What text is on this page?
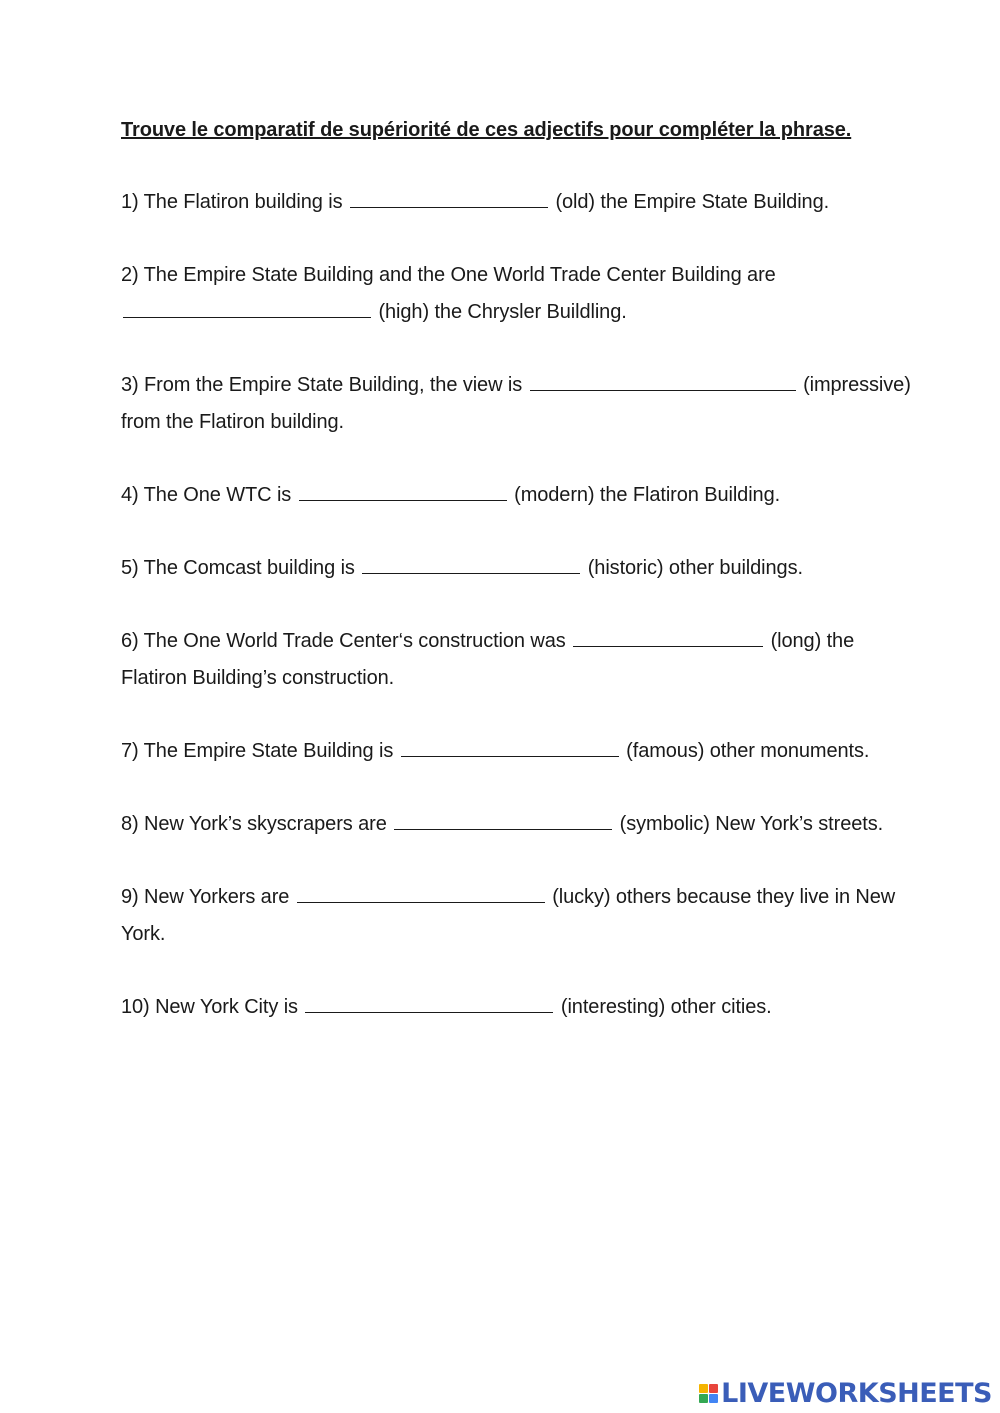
Trouve le comparatif de supériorité de ces adjectifs pour compléter la phrase.

1) The Flatiron building is	(old) the Empire State Building.

2) The Empire State Building and the One World Trade Center Building are  (high) the Chrysler Buildling.

3) From the Empire State Building, the view is	(impressive) from the Flatiron building.

4) The One WTC is	(modern) the Flatiron Building.

5) The Comcast building is	(historic) other buildings.

6) The One World Trade Center‘s construction was	(long) the Flatiron Building’s construction.

7) The Empire State Building is	(famous) other monuments.

8) New York’s skyscrapers are	(symbolic) New York’s streets.

9) New Yorkers are	(lucky) others because they live in New York.

10) New York City is	(interesting) other cities.

LIVEWORKSHEETS
